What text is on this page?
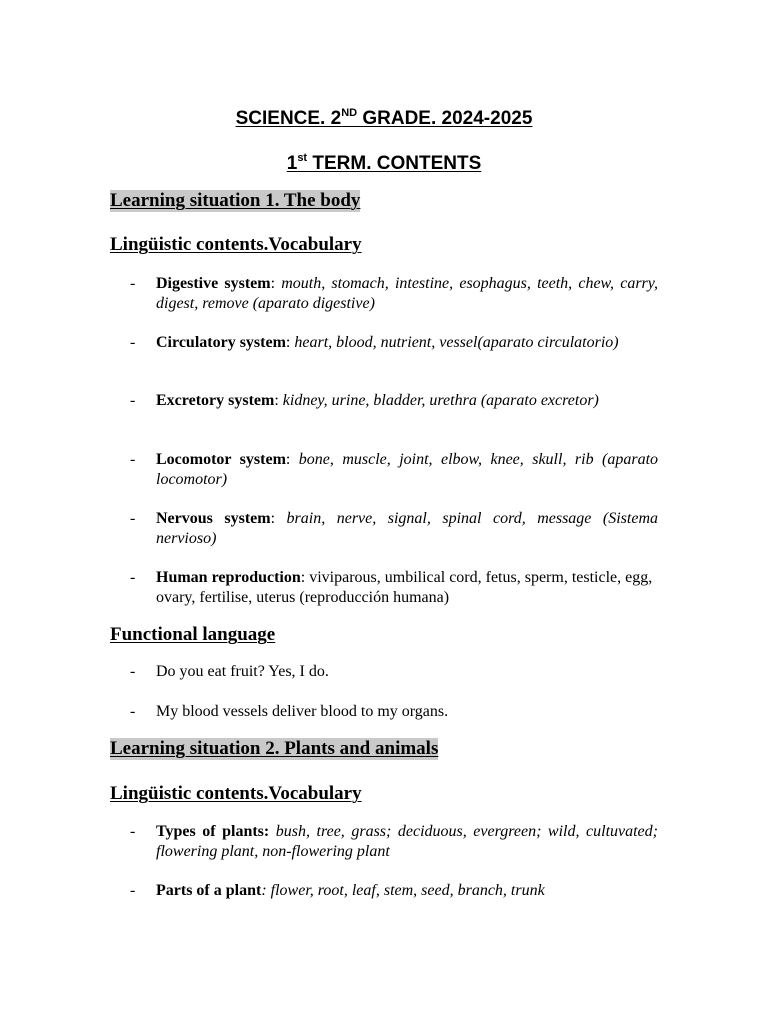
SCIENCE. 2ND GRADE. 2024-2025
1st TERM. CONTENTS
Learning situation 1. The body
Lingüistic contents.Vocabulary
- Digestive system: mouth, stomach, intestine, esophagus, teeth, chew, carry, digest, remove (aparato digestive)
- Circulatory system: heart, blood, nutrient, vessel(aparato circulatorio)
- Excretory system: kidney, urine, bladder, urethra (aparato excretor)
- Locomotor system: bone, muscle, joint, elbow, knee, skull, rib (aparato locomotor)
- Nervous system: brain, nerve, signal, spinal cord, message (Sistema nervioso)
- Human reproduction: viviparous, umbilical cord, fetus, sperm, testicle, egg, ovary, fertilise, uterus (reproducción humana)
Functional language
- Do you eat fruit? Yes, I do.
- My blood vessels deliver blood to my organs.
Learning situation 2. Plants and animals
Lingüistic contents.Vocabulary
- Types of plants: bush, tree, grass; deciduous, evergreen; wild, cultuvated; flowering plant, non-flowering plant
- Parts of a plant: flower, root, leaf, stem, seed, branch, trunk
